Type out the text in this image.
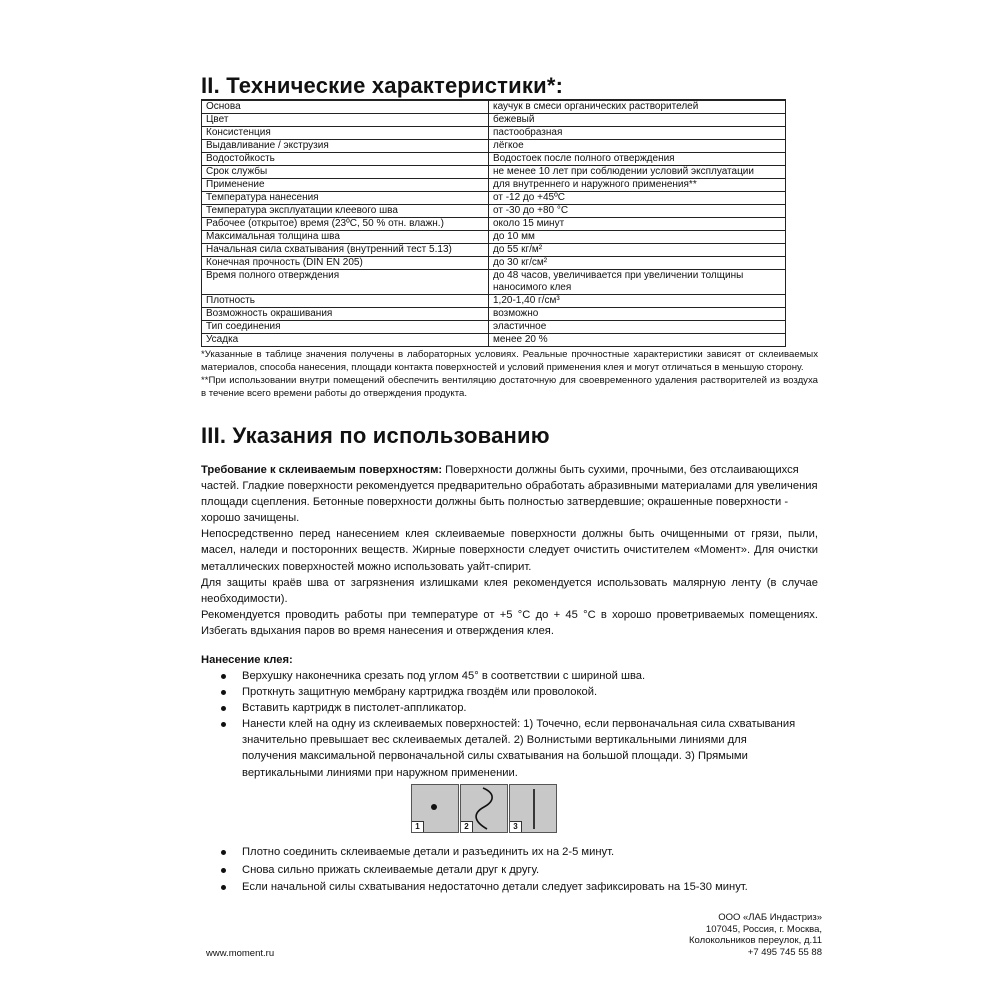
II. Технические характеристики*:
Основа	каучук в смеси органических растворителей
Цвет	бежевый
Консистенция	пастообразная
Выдавливание / экструзия	лёгкое
Водостойкость	Водостоек после полного отверждения
Срок службы	не менее 10 лет при соблюдении условий эксплуатации
Применение	для внутреннего и наружного применения**
Температура нанесения	от -12 до +45ºC
Температура эксплуатации клеевого шва	от -30 до +80 °C
Рабочее (открытое) время (23ºC, 50 % отн. влажн.)	около 15 минут
Максимальная толщина шва	до 10 мм
Начальная сила схватывания (внутренний тест 5.13)	до 55 кг/м²
Конечная прочность (DIN EN 205)	до 30 кг/см²
Время полного отверждения	до 48 часов, увеличивается при увеличении толщины
наносимого клея

Плотность	1,20-1,40 г/см³
Возможность окрашивания	возможно
Тип соединения	эластичное
Усадка	менее 20 %

*Указанные в таблице значения получены в лабораторных условиях. Реальные прочностные характеристики зависят от склеиваемых материалов, способа нанесения, площади контакта поверхностей и условий применения клея и могут отличаться в меньшую сторону.

**При использовании внутри помещений обеспечить вентиляцию достаточную для своевременного удаления растворителей из воздуха в течение всего времени работы до отверждения продукта.

III. Указания по использованию

Требование к склеиваемым поверхностям: Поверхности должны быть сухими, прочными, без отслаивающихся частей. Гладкие поверхности рекомендуется предварительно обработать абразивными материалами для увеличения площади сцепления. Бетонные поверхности должны быть полностью затвердевшие; окрашенные поверхности - хорошо зачищены.

Непосредственно перед нанесением клея склеиваемые поверхности должны быть очищенными от грязи, пыли, масел, наледи и посторонних веществ. Жирные поверхности следует очистить очистителем «Момент». Для очистки металлических поверхностей можно использовать уайт-спирит.

Для защиты краёв шва от загрязнения излишками клея рекомендуется использовать малярную ленту (в случае необходимости).

Рекомендуется проводить работы при температуре от +5 °C до + 45 °C в хорошо проветриваемых помещениях. Избегать вдыхания паров во время нанесения и отверждения клея.

Нанесение клея:
Верхушку наконечника срезать под углом 45° в соответствии с шириной шва.
Проткнуть защитную мембрану картриджа гвоздём или проволокой.
Вставить картридж в пистолет-аппликатор.
Нанести клей на одну из склеиваемых поверхностей: 1) Точечно, если первоначальная сила схватывания значительно превышает вес склеиваемых деталей. 2) Волнистыми вертикальными линиями для получения максимальной первоначальной силы схватывания на большой площади. 3) Прямыми вертикальными линиями при наружном применении.
1	2	3
Плотно соединить склеиваемые детали и разъединить их на 2-5 минут.
Снова сильно прижать склеиваемые детали друг к другу.
Если начальной силы схватывания недостаточно детали следует зафиксировать на 15-30 минут.
www.moment.ru
ООО «ЛАБ Индастриз»
107045, Россия, г. Москва,
Колокольников переулок, д.11
+7 495 745 55 88
